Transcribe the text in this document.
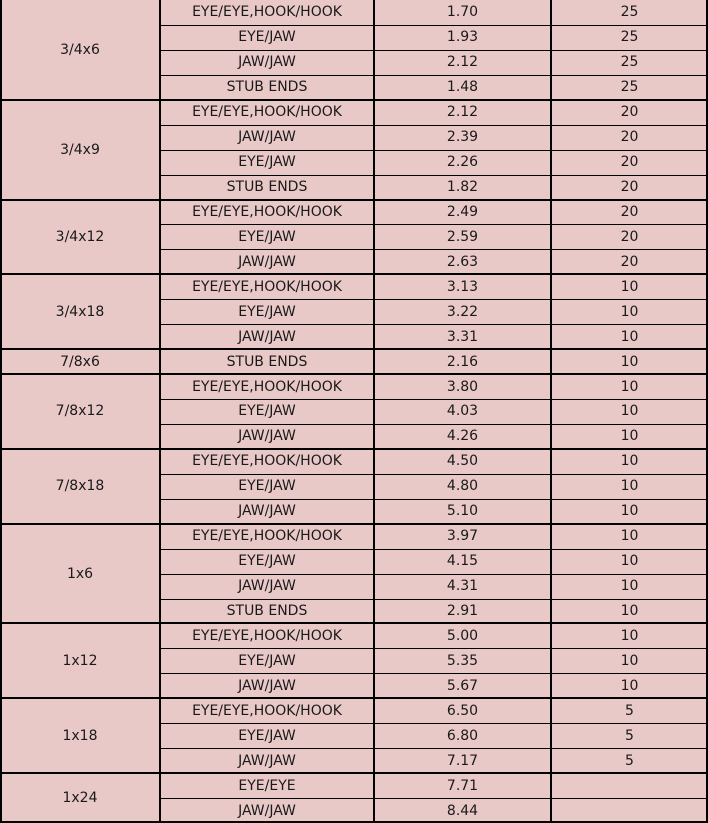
3/4x6
EYE/EYE,HOOK/HOOK	1.70	25
EYE/JAW	1.93	25
JAW/JAW	2.12	25
STUB ENDS	1.48	25
3/4x9
EYE/EYE,HOOK/HOOK	2.12	20
JAW/JAW	2.39	20
EYE/JAW	2.26	20
STUB ENDS	1.82	20
3/4x12
EYE/EYE,HOOK/HOOK	2.49	20
EYE/JAW	2.59	20
JAW/JAW	2.63	20
3/4x18
EYE/EYE,HOOK/HOOK	3.13	10
EYE/JAW	3.22	10
JAW/JAW	3.31	10
7/8x6	STUB ENDS	2.16	10
7/8x12
EYE/EYE,HOOK/HOOK	3.80	10
EYE/JAW	4.03	10
JAW/JAW	4.26	10
7/8x18
EYE/EYE,HOOK/HOOK	4.50	10
EYE/JAW	4.80	10
JAW/JAW	5.10	10
1x6
EYE/EYE,HOOK/HOOK	3.97	10
EYE/JAW	4.15	10
JAW/JAW	4.31	10
STUB ENDS	2.91	10
1x12
EYE/EYE,HOOK/HOOK	5.00	10
EYE/JAW	5.35	10
JAW/JAW	5.67	10
1x18
EYE/EYE,HOOK/HOOK	6.50	5
EYE/JAW	6.80	5
JAW/JAW	7.17	5
1x24
EYE/EYE	7.71
JAW/JAW	8.44
